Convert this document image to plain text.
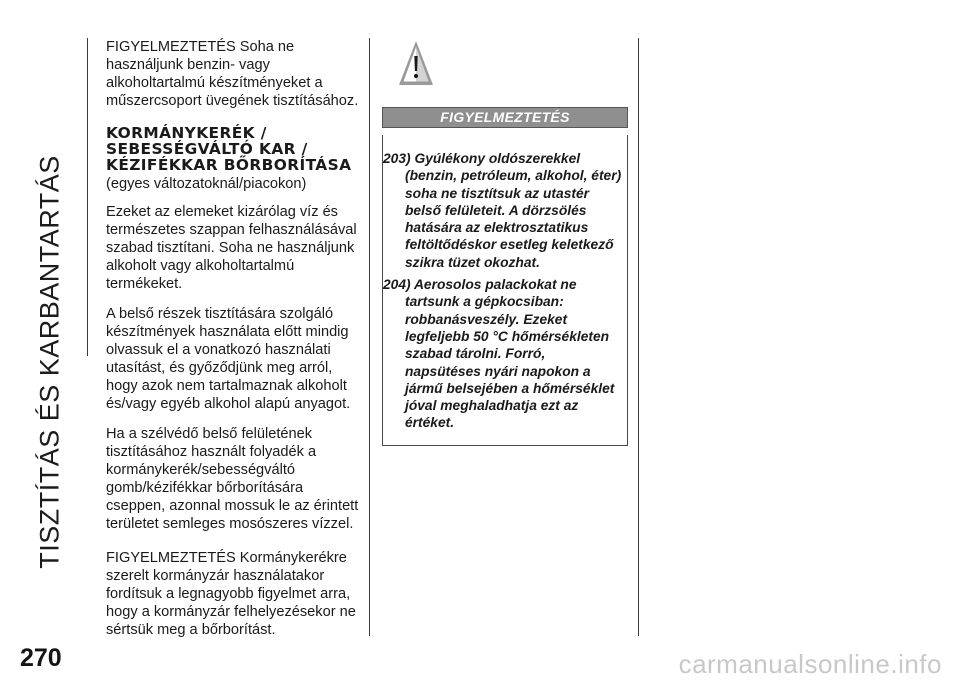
TISZTÍTÁS ÉS KARBANTARTÁS
270

FIGYELMEZTETÉS Soha ne használjunk benzin- vagy alkoholtartalmú készítményeket a műszercsoport üvegének tisztításához.

KORMÁNYKERÉK / SEBESSÉGVÁLTÓ KAR / KÉZIFÉKKAR BŐRBORÍTÁSA

(egyes változatoknál/piacokon)

Ezeket az elemeket kizárólag víz és természetes szappan felhasználásával szabad tisztítani. Soha ne használjunk alkoholt vagy alkoholtartalmú termékeket.

A belső részek tisztítására szolgáló készítmények használata előtt mindig olvassuk el a vonatkozó használati utasítást, és győződjünk meg arról, hogy azok nem tartalmaznak alkoholt és/vagy egyéb alkohol alapú anyagot.

Ha a szélvédő belső felületének tisztításához használt folyadék a kormánykerék/sebességváltó gomb/kézifékkar bőrborítására cseppen, azonnal mossuk le az érintett területet semleges mosószeres vízzel.

FIGYELMEZTETÉS Kormánykerékre szerelt kormányzár használatakor fordítsuk a legnagyobb figyelmet arra, hogy a kormányzár felhelyezésekor ne sértsük meg a bőrborítást.

FIGYELMEZTETÉS
203) Gyúlékony oldószerekkel
(benzin, petróleum, alkohol, éter) soha ne tisztítsuk az utastér belső felületeit. A dörzsölés hatására az elektrosztatikus feltöltődéskor esetleg keletkező szikra tüzet okozhat.
204) Aerosolos palackokat ne
tartsunk a gépkocsiban: robbanásveszély. Ezeket legfeljebb 50 °C hőmérsékleten szabad tárolni. Forró, napsütéses nyári napokon a jármű belsejében a hőmérséklet jóval meghaladhatja ezt az értéket.
carmanualsonline.info
